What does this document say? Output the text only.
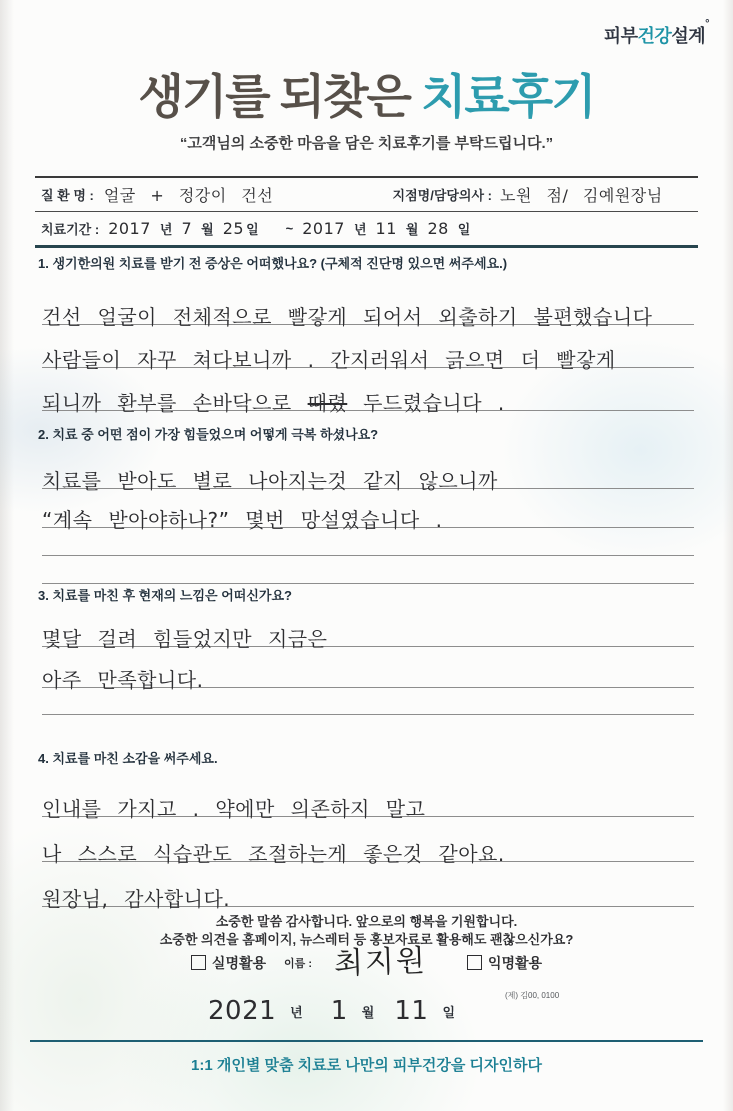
피부건강설계°
생기를 되찾은 치료후기
“고객님의 소중한 마음을 담은 치료후기를 부탁드립니다.”
질 환 명 : 얼굴 + 정강이 건선	지점명/담당의사 : 노원 점/ 김예원장님
치료기간 : 2017 년 7 월 25 일 ~ 2017 년 11 월 28 일
1. 생기한의원 치료를 받기 전 증상은 어떠했나요? (구체적 진단명 있으면 써주세요.)
건선 얼굴이 전체적으로 빨갛게 되어서 외출하기 불편했습니다
사람들이 자꾸 쳐다보니까 . 간지러워서 긁으면 더 빨갛게
되니까 환부를 손바닥으로 때렸 두드렸습니다 .
2. 치료 중 어떤 점이 가장 힘들었으며 어떻게 극복 하셨나요?
치료를 받아도 별로 나아지는것 같지 않으니까
“계속 받아야하나?” 몇번 망설였습니다 .
3. 치료를 마친 후 현재의 느낌은 어떠신가요?
몇달 걸려 힘들었지만 지금은
아주 만족합니다.
4. 치료를 마친 소감을 써주세요.
인내를 가지고 . 약에만 의존하지 말고
나 스스로 식습관도 조절하는게 좋은것 같아요.
원장님, 감사합니다.
소중한 말씀 감사합니다. 앞으로의 행복을 기원합니다.
소중한 의견을 홈페이지, 뉴스레터 등 홍보자료로 활용해도 괜찮으신가요?
실명활용 이름 : 최지원	익명활용
(제) 김00, 0100
2021 년 1 월 11 일
1:1 개인별 맞춤 치료로 나만의 피부건강을 디자인하다
